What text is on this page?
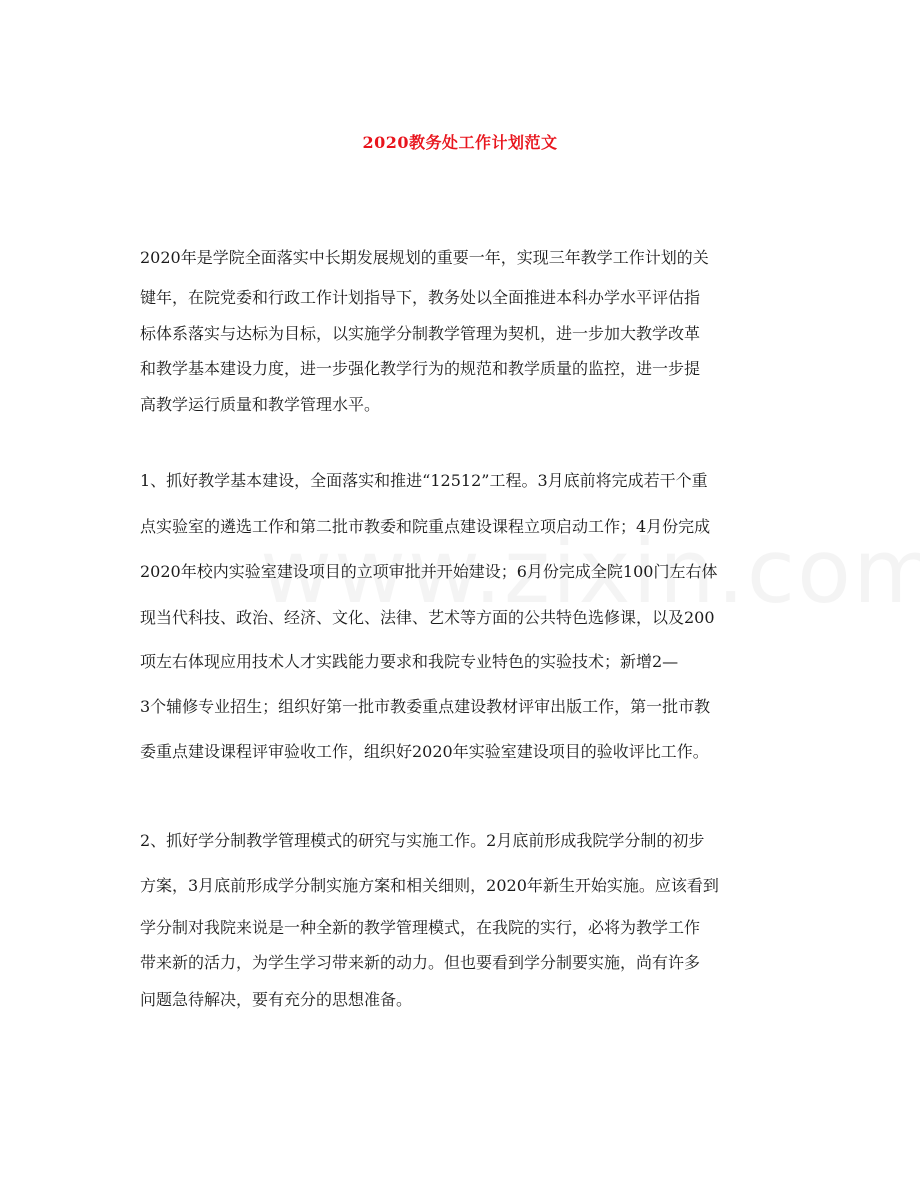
2020教务处工作计划范文
2020年是学院全面落实中长期发展规划的重要一年，实现三年教学工作计划的关
键年，在院党委和行政工作计划指导下，教务处以全面推进本科办学水平评估指
标体系落实与达标为目标，以实施学分制教学管理为契机，进一步加大教学改革
和教学基本建设力度，进一步强化教学行为的规范和教学质量的监控，进一步提
高教学运行质量和教学管理水平。
1、抓好教学基本建设，全面落实和推进“12512”工程。3月底前将完成若干个重
点实验室的遴选工作和第二批市教委和院重点建设课程立项启动工作；4月份完成
2020年校内实验室建设项目的立项审批并开始建设；6月份完成全院100门左右体
现当代科技、政治、经济、文化、法律、艺术等方面的公共特色选修课，以及200
项左右体现应用技术人才实践能力要求和我院专业特色的实验技术；新增2—
3个辅修专业招生；组织好第一批市教委重点建设教材评审出版工作，第一批市教
委重点建设课程评审验收工作，组织好2020年实验室建设项目的验收评比工作。
2、抓好学分制教学管理模式的研究与实施工作。2月底前形成我院学分制的初步
方案，3月底前形成学分制实施方案和相关细则，2020年新生开始实施。应该看到
学分制对我院来说是一种全新的教学管理模式，在我院的实行，必将为教学工作
带来新的活力，为学生学习带来新的动力。但也要看到学分制要实施，尚有许多
问题急待解决，要有充分的思想准备。
